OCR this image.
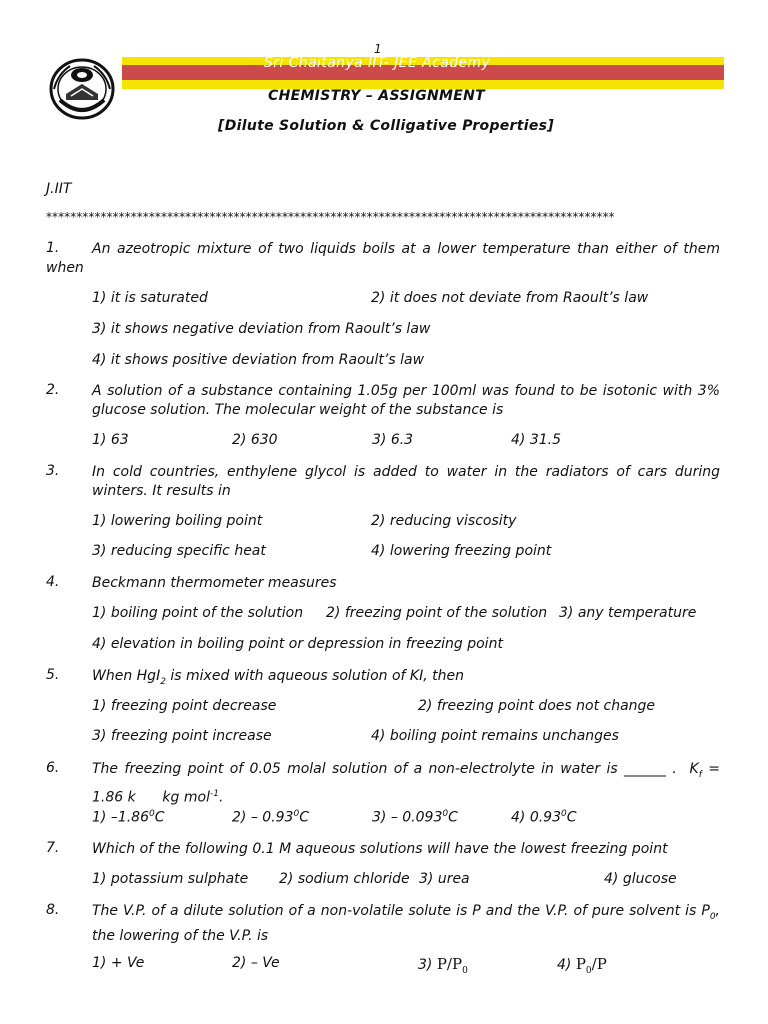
1
Sri Chaitanya IIT- JEE Academy
CHEMISTRY – ASSIGNMENT
[Dilute Solution & Colligative Properties]
J.IIT
**********************************************************************************************
1.	An azeotropic mixture of two liquids boils at a lower temperature than either of them when
1) it is saturated	2) it does not deviate from Raoult’s law
3) it shows negative deviation from Raoult’s law
4) it shows positive deviation from Raoult’s law
2. A solution of a substance containing 1.05g per 100ml was found to be isotonic with 3% glucose solution. The molecular weight of the substance is
1) 63	2) 630	3) 6.3	4) 31.5
3. In cold countries, enthylene glycol is added to water in the radiators of cars during winters. It results in
1) lowering boiling point	2) reducing viscosity
3) reducing specific heat	4) lowering freezing point
4. Beckmann thermometer measures
1) boiling point of the solution 2) freezing point of the solution 3) any temperature
4) elevation in boiling point or depression in freezing point
5. When HgI$_2$ is mixed with aqueous solution of KI, then
1) freezing point decrease	2) freezing point does not change
3) freezing point increase	4) boiling point remains unchanges
6. The freezing point of 0.05 molal solution of a non-electrolyte in water is ______ .  $K_f = 1.86$ k      kg mol$^{-1}$.
1) –1.86$^0$C	2) – 0.93$^0$C	3) – 0.093$^0$C	4) 0.93$^0$C
7. Which of the following 0.1 M aqueous solutions will have the lowest freezing point
1) potassium sulphate 2) sodium chloride 3) urea	4) glucose
8. The V.P. of a dilute solution of a non-volatile solute is P and the V.P. of pure solvent is $P_0$, the lowering of the V.P. is
1) + Ve	2) – Ve	3) $P/P_0$	4) $P_0/P$
